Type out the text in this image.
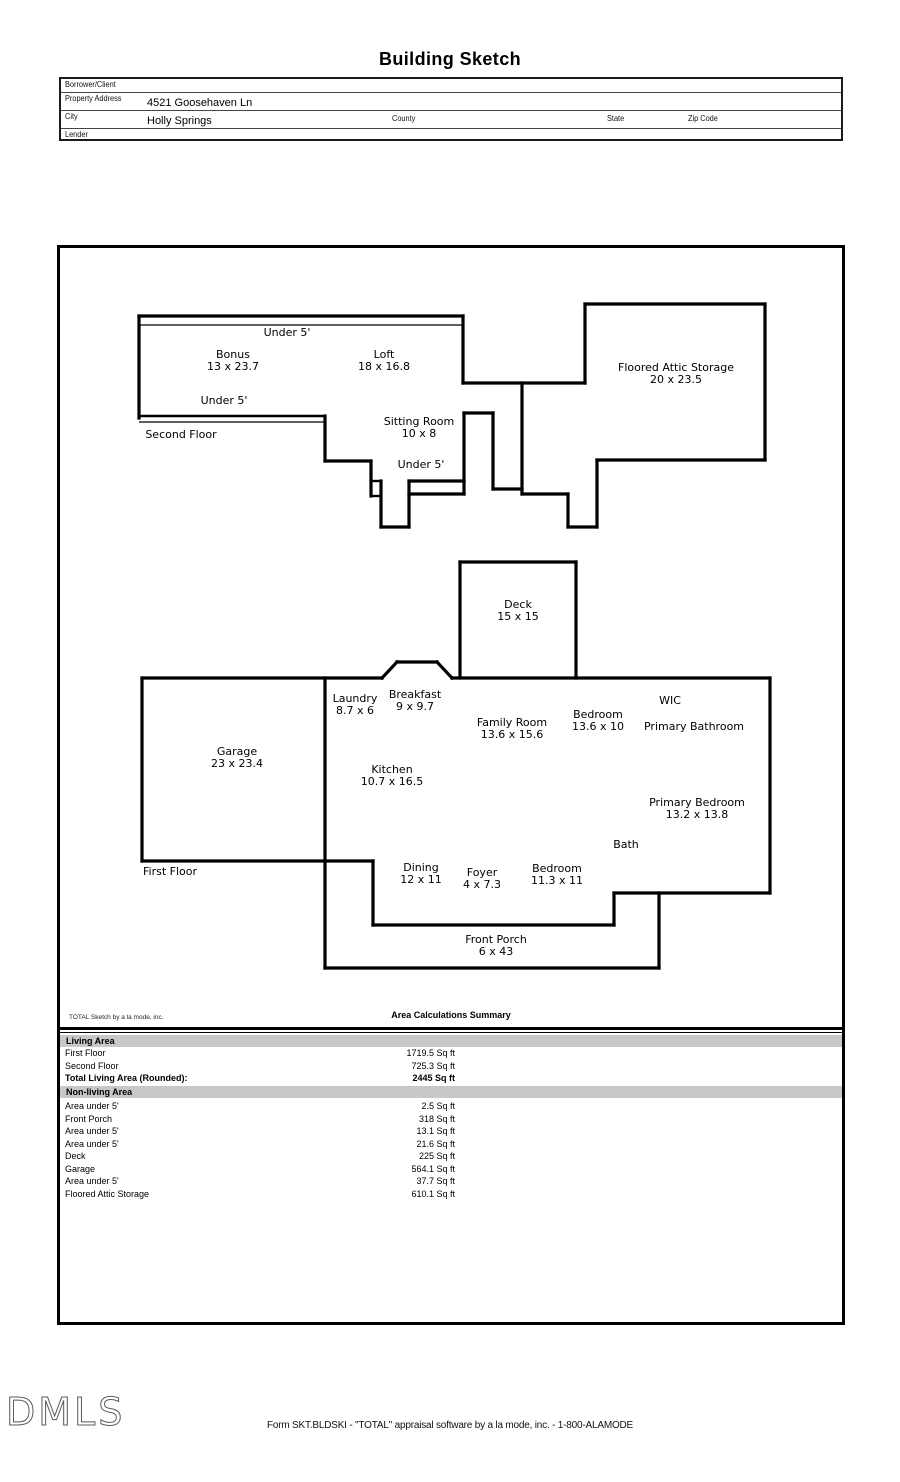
Building Sketch
Borrower/Client
Property Address 4521 Goosehaven Ln
City	Holly Springs	County	State	Zip Code
Lender
Under 5'
Bonus
13 x 23.7
Loft
18 x 16.8	Floored Attic Storage
20 x 23.5
Under 5'
Second Floor
Sitting Room
10 x 8
Under 5'
Deck
15 x 15
Laundry
8.7 x 6
Breakfast
9 x 9.7
Family Room
13.6 x 15.6
Bedroom
13.6 x 10
WIC
Primary Bathroom
Garage
23 x 23.4	Kitchen
10.7 x 16.5
Primary Bedroom
13.2 x 13.8
Bath
Dining
12 x 11
Foyer
4 x 7.3
Bedroom
11.3 x 11
First Floor
Front Porch
6 x 43
TOTAL Sketch by a la mode, inc.	Area Calculations Summary
Living Area
First Floor	1719.5 Sq ft
Second Floor	725.3 Sq ft
Total Living Area (Rounded):	2445 Sq ft
Non-living Area
Area under 5'	2.5 Sq ft
Front Porch	318 Sq ft
Area under 5'	13.1 Sq ft
Area under 5'	21.6 Sq ft
Deck	225 Sq ft
Garage	564.1 Sq ft
Area under 5'	37.7 Sq ft
Floored Attic Storage	610.1 Sq ft
DMLS	Form SKT.BLDSKI - "TOTAL" appraisal software by a la mode, inc. - 1-800-ALAMODE
